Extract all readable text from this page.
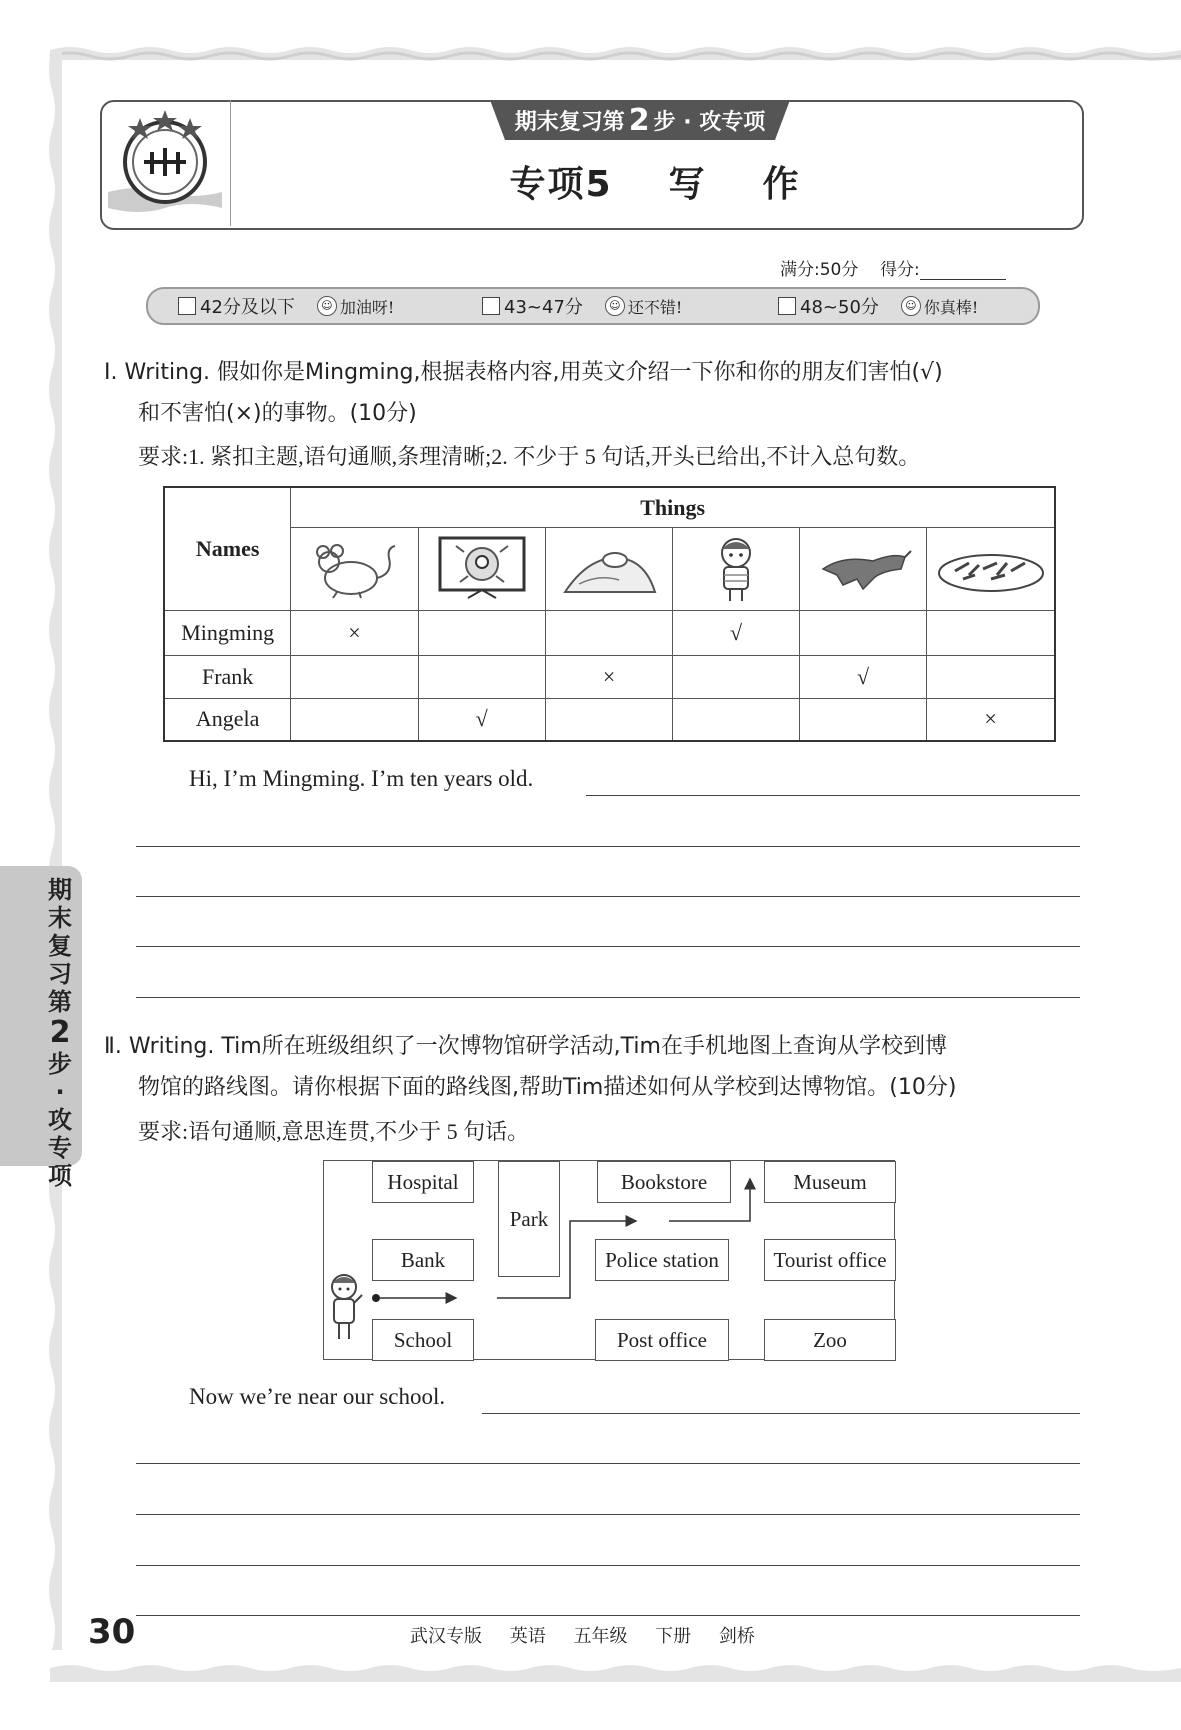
期末复习第 2 步 · 攻专项
专项5 写 作
满分:50分 得分:
42分及以下	☺ 加油呀!	43~47分	☺ 还不错!	48~50分	☺ 你真棒!
Ⅰ. Writing. 假如你是Mingming,根据表格内容,用英文介绍一下你和你的朋友们害怕(√)
和不害怕(×)的事物。(10分)
要求:1. 紧扣主题,语句通顺,条理清晰;2. 不少于 5 句话,开头已给出,不计入总句数。
Names	Things					

Mingming	×			√		
Frank			×		√	
Angela		√				×
Hi, I’m Mingming. I’m ten years old.
Ⅱ. Writing. Tim所在班级组织了一次博物馆研学活动,Tim在手机地图上查询从学校到博
物馆的路线图。请你根据下面的路线图,帮助Tim描述如何从学校到达博物馆。(10分)
要求:语句通顺,意思连贯,不少于 5 句话。
Hospital
Park
Bookstore	Museum
Bank	Police station	Tourist office
School	Post office	Zoo
Now we’re near our school.
期末复习第
2
步·攻专项
30	武汉专版 英语 五年级 下册 剑桥
